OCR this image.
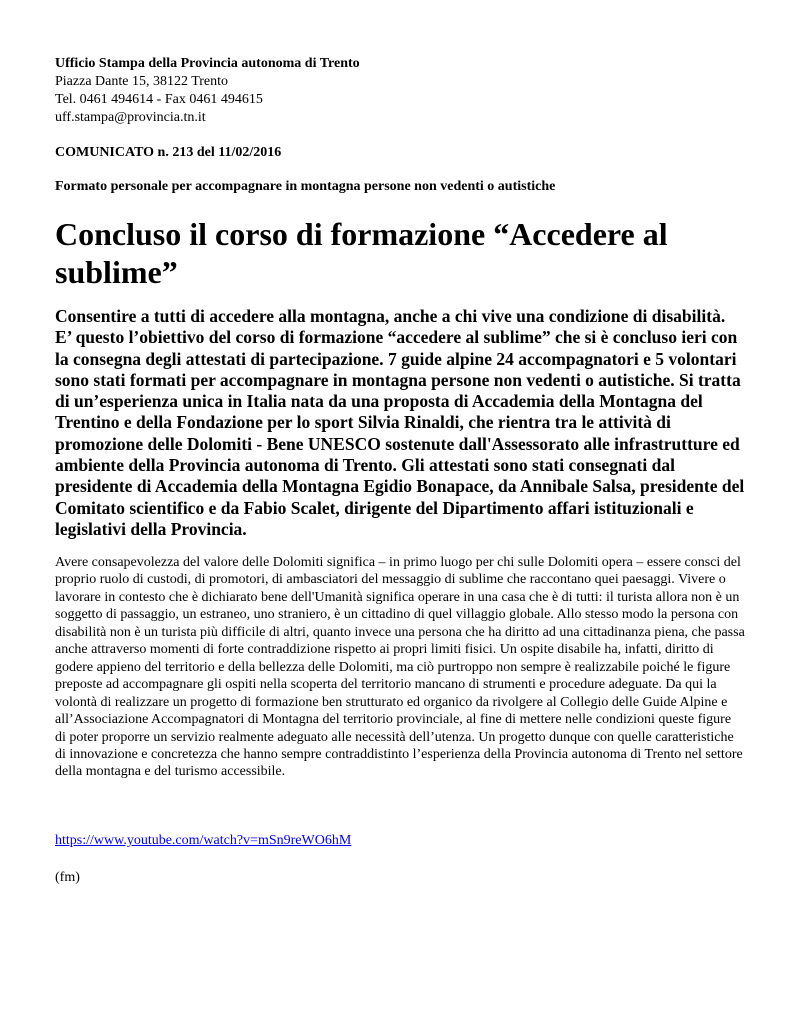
Ufficio Stampa della Provincia autonoma di Trento
Piazza Dante 15, 38122 Trento
Tel. 0461 494614 - Fax 0461 494615
uff.stampa@provincia.tn.it
COMUNICATO n. 213 del 11/02/2016
Formato personale per accompagnare in montagna persone non vedenti o autistiche
Concluso il corso di formazione “Accedere al sublime”

Consentire a tutti di accedere alla montagna, anche a chi vive una condizione di disabilità. E’ questo l’obiettivo del corso di formazione “accedere al sublime” che si è concluso ieri con la consegna degli attestati di partecipazione. 7 guide alpine 24 accompagnatori e 5 volontari sono stati formati per accompagnare in montagna persone non vedenti o autistiche. Si tratta di un’esperienza unica in Italia nata da una proposta di Accademia della Montagna del Trentino e della Fondazione per lo sport Silvia Rinaldi, che rientra tra le attività di promozione delle Dolomiti - Bene UNESCO sostenute dall'Assessorato alle infrastrutture ed ambiente della Provincia autonoma di Trento. Gli attestati sono stati consegnati dal presidente di Accademia della Montagna Egidio Bonapace, da Annibale Salsa, presidente del Comitato scientifico e da Fabio Scalet, dirigente del Dipartimento affari istituzionali e legislativi della Provincia.

Avere consapevolezza del valore delle Dolomiti significa – in primo luogo per chi sulle Dolomiti opera – essere consci del proprio ruolo di custodi, di promotori, di ambasciatori del messaggio di sublime che raccontano quei paesaggi. Vivere o lavorare in contesto che è dichiarato bene dell'Umanità significa operare in una casa che è di tutti: il turista allora non è un soggetto di passaggio, un estraneo, uno straniero, è un cittadino di quel villaggio globale. Allo stesso modo la persona con disabilità non è un turista più difficile di altri, quanto invece una persona che ha diritto ad una cittadinanza piena, che passa anche attraverso momenti di forte contraddizione rispetto ai propri limiti fisici. Un ospite disabile ha, infatti, diritto di godere appieno del territorio e della bellezza delle Dolomiti, ma ciò purtroppo non sempre è realizzabile poiché le figure preposte ad accompagnare gli ospiti nella scoperta del territorio mancano di strumenti e procedure adeguate. Da qui la volontà di realizzare un progetto di formazione ben strutturato ed organico da rivolgere al Collegio delle Guide Alpine e all’Associazione Accompagnatori di Montagna del territorio provinciale, al fine di mettere nelle condizioni queste figure di poter proporre un servizio realmente adeguato alle necessità dell’utenza. Un progetto dunque con quelle caratteristiche di innovazione e concretezza che hanno sempre contraddistinto l’esperienza della Provincia autonoma di Trento nel settore della montagna e del turismo accessibile.

https://www.youtube.com/watch?v=mSn9reWO6hM
(fm)
